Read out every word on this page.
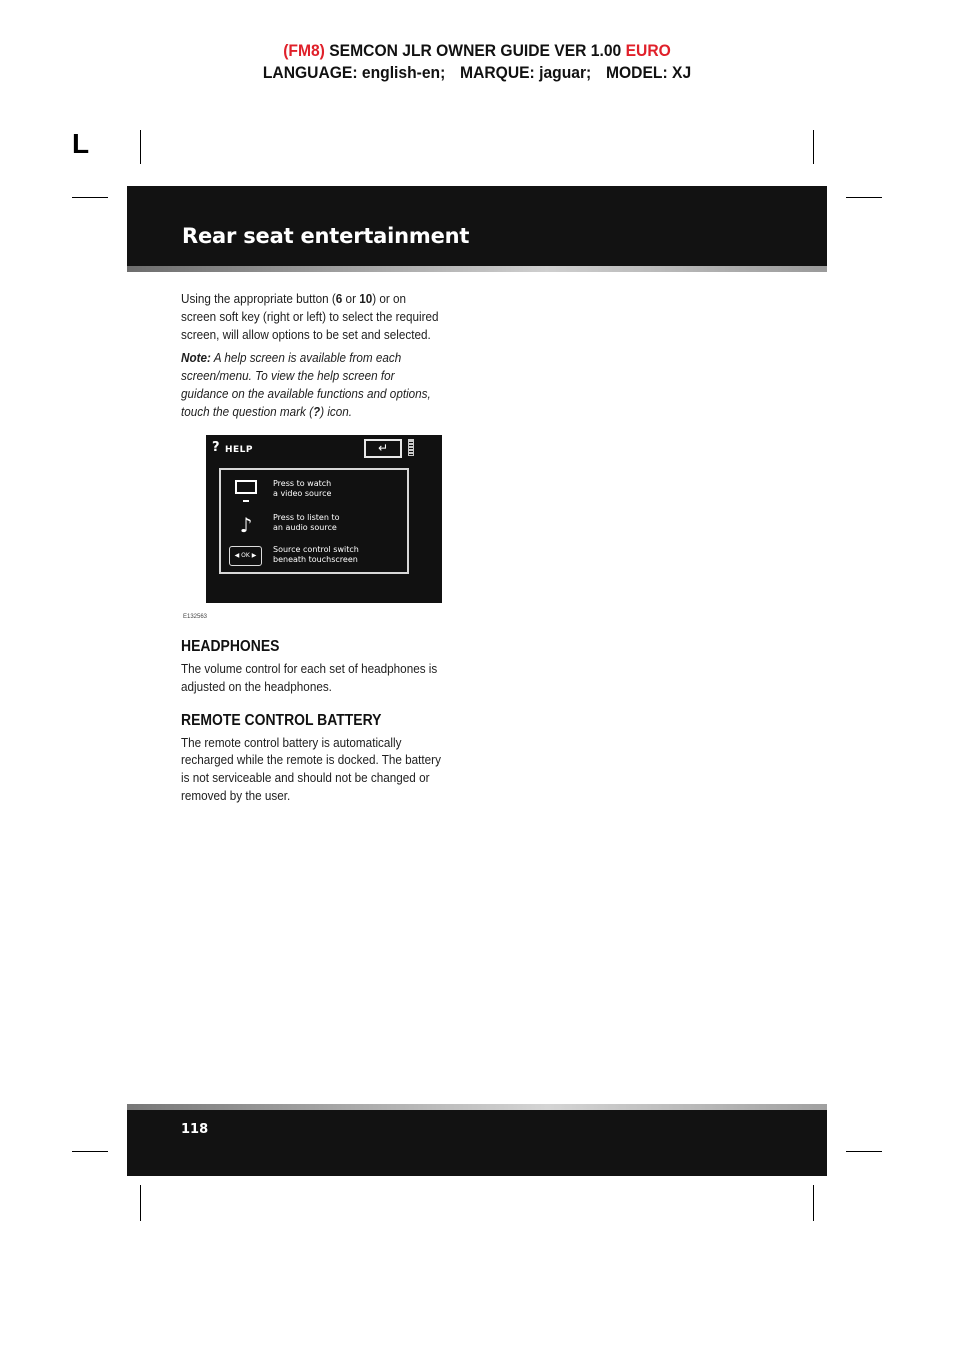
(FM8) SEMCON JLR OWNER GUIDE VER 1.00 EURO
LANGUAGE: english-en; MARQUE: jaguar; MODEL: XJ
L
Rear seat entertainment

Using the appropriate button (6 or 10) or on screen soft key (right or left) to select the required screen, will allow options to be set and selected.

Note: A help screen is available from each screen/menu. To view the help screen for guidance on the available functions and options, touch the question mark (?) icon.

? HELP	↵
Press to watch
a video source
♪	Press to listen to
an audio source
◀ OK ▶
Source control switch
beneath touchscreen
E132563
HEADPHONES

The volume control for each set of headphones is adjusted on the headphones.

REMOTE CONTROL BATTERY

The remote control battery is automatically recharged while the remote is docked. The battery is not serviceable and should not be changed or removed by the user.

118
